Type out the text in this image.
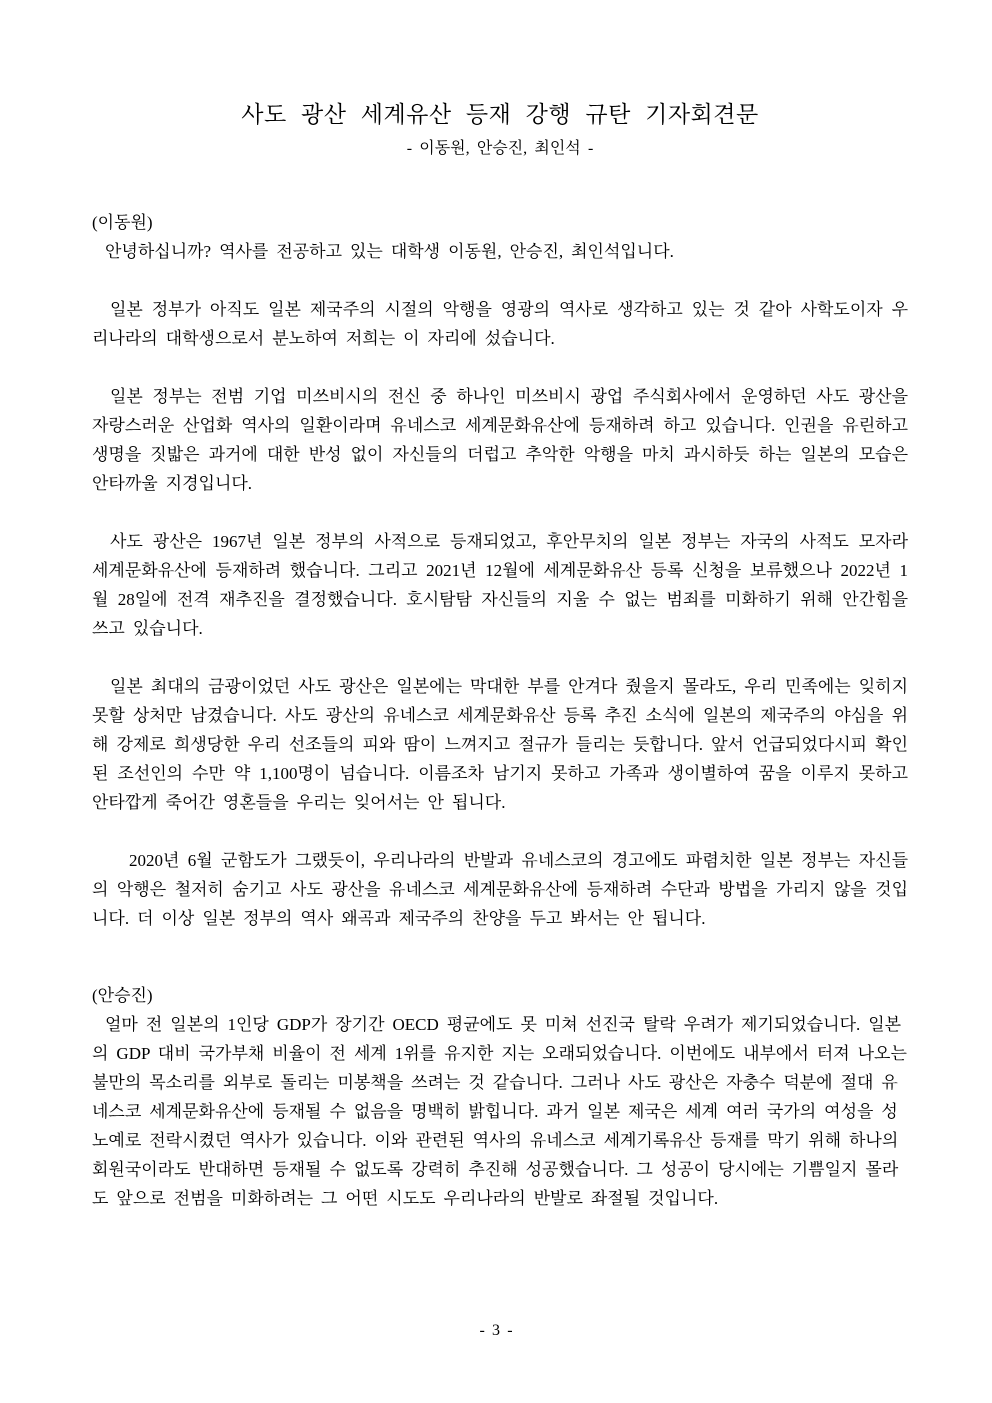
사도 광산 세계유산 등재 강행 규탄 기자회견문
- 이동원, 안승진, 최인석 -
(이동원)

안녕하십니까? 역사를 전공하고 있는 대학생 이동원, 안승진, 최인석입니다.

일본 정부가 아직도 일본 제국주의 시절의 악행을 영광의 역사로 생각하고 있는 것 같아 사학도이자 우리나라의 대학생으로서 분노하여 저희는 이 자리에 섰습니다.

일본 정부는 전범 기업 미쓰비시의 전신 중 하나인 미쓰비시 광업 주식회사에서 운영하던 사도 광산을 자랑스러운 산업화 역사의 일환이라며 유네스코 세계문화유산에 등재하려 하고 있습니다. 인권을 유린하고 생명을 짓밟은 과거에 대한 반성 없이 자신들의 더럽고 추악한 악행을 마치 과시하듯 하는 일본의 모습은 안타까울 지경입니다.

사도 광산은 1967년 일본 정부의 사적으로 등재되었고, 후안무치의 일본 정부는 자국의 사적도 모자라 세계문화유산에 등재하려 했습니다. 그리고 2021년 12월에 세계문화유산 등록 신청을 보류했으나 2022년 1월 28일에 전격 재추진을 결정했습니다. 호시탐탐 자신들의 지울 수 없는 범죄를 미화하기 위해 안간힘을 쓰고 있습니다.

일본 최대의 금광이었던 사도 광산은 일본에는 막대한 부를 안겨다 줬을지 몰라도, 우리 민족에는 잊히지 못할 상처만 남겼습니다. 사도 광산의 유네스코 세계문화유산 등록 추진 소식에 일본의 제국주의 야심을 위해 강제로 희생당한 우리 선조들의 피와 땀이 느껴지고 절규가 들리는 듯합니다. 앞서 언급되었다시피 확인된 조선인의 수만 약 1,100명이 넘습니다. 이름조차 남기지 못하고 가족과 생이별하여 꿈을 이루지 못하고 안타깝게 죽어간 영혼들을 우리는 잊어서는 안 됩니다.

2020년 6월 군함도가 그랬듯이, 우리나라의 반발과 유네스코의 경고에도 파렴치한 일본 정부는 자신들의 악행은 철저히 숨기고 사도 광산을 유네스코 세계문화유산에 등재하려 수단과 방법을 가리지 않을 것입니다. 더 이상 일본 정부의 역사 왜곡과 제국주의 찬양을 두고 봐서는 안 됩니다.

(안승진)

얼마 전 일본의 1인당 GDP가 장기간 OECD 평균에도 못 미쳐 선진국 탈락 우려가 제기되었습니다. 일본의 GDP 대비 국가부채 비율이 전 세계 1위를 유지한 지는 오래되었습니다. 이번에도 내부에서 터져 나오는 불만의 목소리를 외부로 돌리는 미봉책을 쓰려는 것 같습니다. 그러나 사도 광산은 자충수 덕분에 절대 유네스코 세계문화유산에 등재될 수 없음을 명백히 밝힙니다. 과거 일본 제국은 세계 여러 국가의 여성을 성노예로 전락시켰던 역사가 있습니다. 이와 관련된 역사의 유네스코 세계기록유산 등재를 막기 위해 하나의 회원국이라도 반대하면 등재될 수 없도록 강력히 추진해 성공했습니다. 그 성공이 당시에는 기쁨일지 몰라도 앞으로 전범을 미화하려는 그 어떤 시도도 우리나라의 반발로 좌절될 것입니다.

- 3 -
